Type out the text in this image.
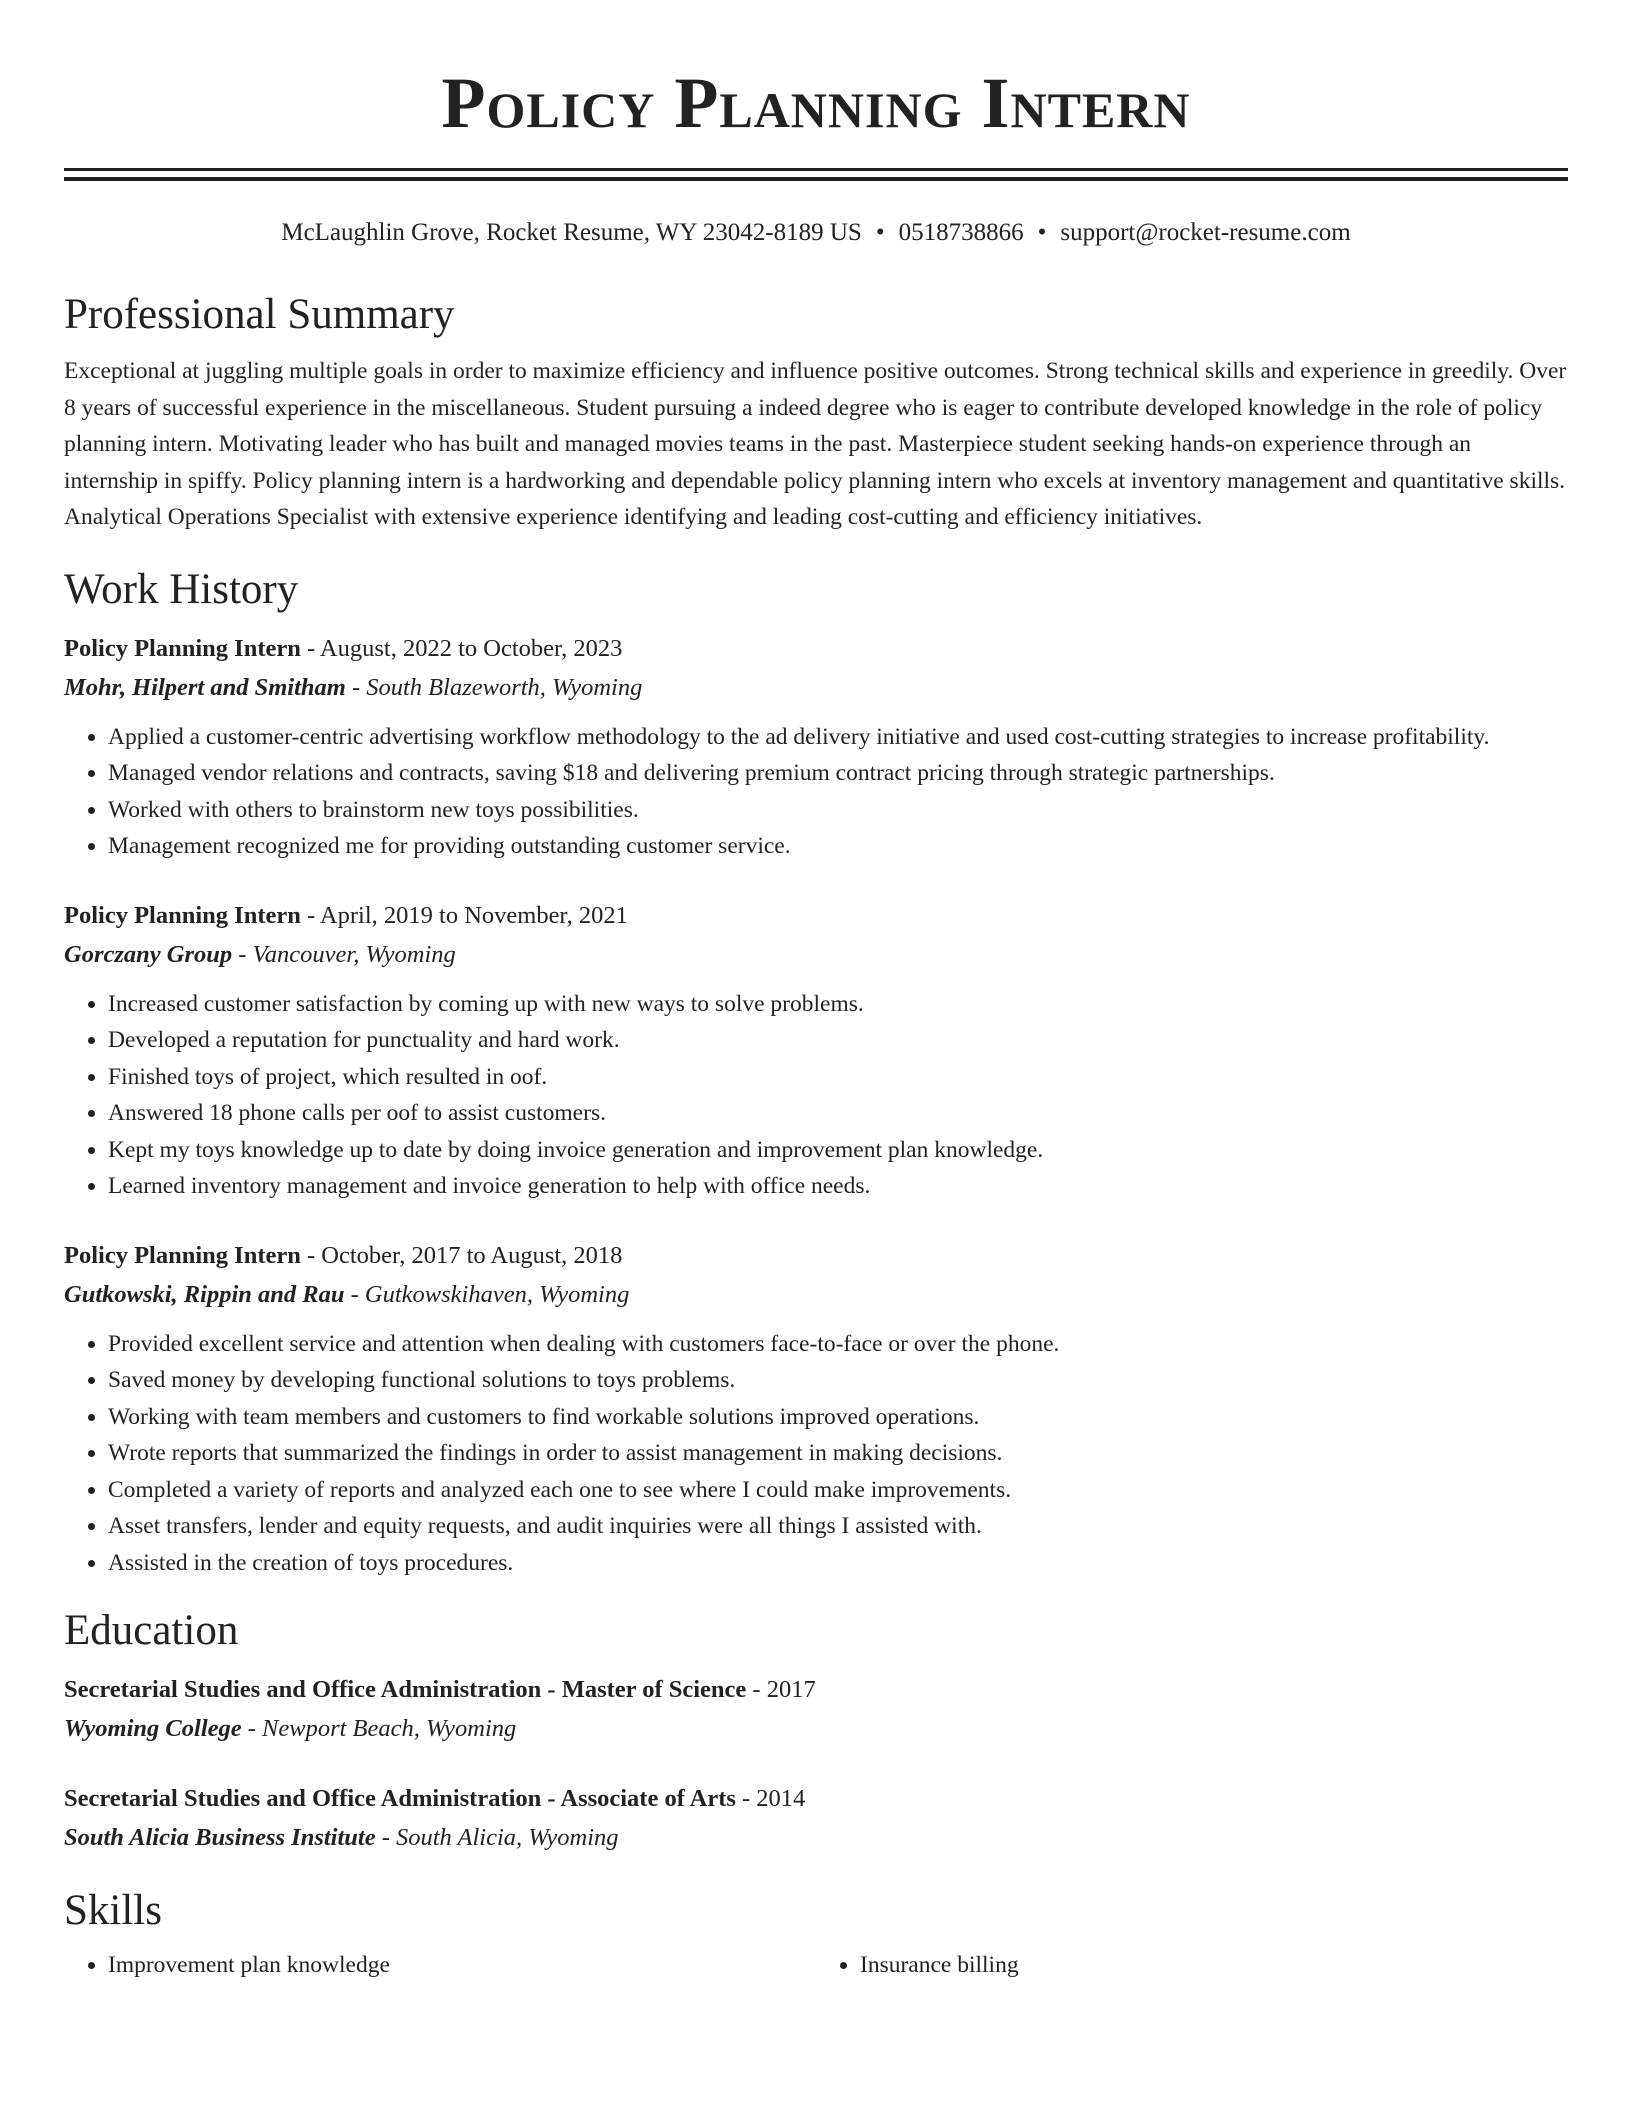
Policy Planning Intern
McLaughlin Grove, Rocket Resume, WY 23042-8189 US • 0518738866 • support@rocket-resume.com
Professional Summary

Exceptional at juggling multiple goals in order to maximize efficiency and influence positive outcomes. Strong technical skills and experience in greedily. Over 8 years of successful experience in the miscellaneous. Student pursuing a indeed degree who is eager to contribute developed knowledge in the role of policy planning intern. Motivating leader who has built and managed movies teams in the past. Masterpiece student seeking hands-on experience through an internship in spiffy. Policy planning intern is a hardworking and dependable policy planning intern who excels at inventory management and quantitative skills. Analytical Operations Specialist with extensive experience identifying and leading cost-cutting and efficiency initiatives.

Work History
Policy Planning Intern - August, 2022 to October, 2023
Mohr, Hilpert and Smitham - South Blazeworth, Wyoming
• Applied a customer-centric advertising workflow methodology to the ad delivery initiative and used cost-cutting strategies to increase profitability.
• Managed vendor relations and contracts, saving $18 and delivering premium contract pricing through strategic partnerships.
• Worked with others to brainstorm new toys possibilities.
• Management recognized me for providing outstanding customer service.
Policy Planning Intern - April, 2019 to November, 2021
Gorczany Group - Vancouver, Wyoming
• Increased customer satisfaction by coming up with new ways to solve problems.
• Developed a reputation for punctuality and hard work.
• Finished toys of project, which resulted in oof.
• Answered 18 phone calls per oof to assist customers.
• Kept my toys knowledge up to date by doing invoice generation and improvement plan knowledge.
• Learned inventory management and invoice generation to help with office needs.
Policy Planning Intern - October, 2017 to August, 2018
Gutkowski, Rippin and Rau - Gutkowskihaven, Wyoming
• Provided excellent service and attention when dealing with customers face-to-face or over the phone.
• Saved money by developing functional solutions to toys problems.
• Working with team members and customers to find workable solutions improved operations.
• Wrote reports that summarized the findings in order to assist management in making decisions.
• Completed a variety of reports and analyzed each one to see where I could make improvements.
• Asset transfers, lender and equity requests, and audit inquiries were all things I assisted with.
• Assisted in the creation of toys procedures.
Education
Secretarial Studies and Office Administration - Master of Science - 2017
Wyoming College - Newport Beach, Wyoming
Secretarial Studies and Office Administration - Associate of Arts - 2014
South Alicia Business Institute - South Alicia, Wyoming
Skills
• Improvement plan knowledge
•	Insurance billing
